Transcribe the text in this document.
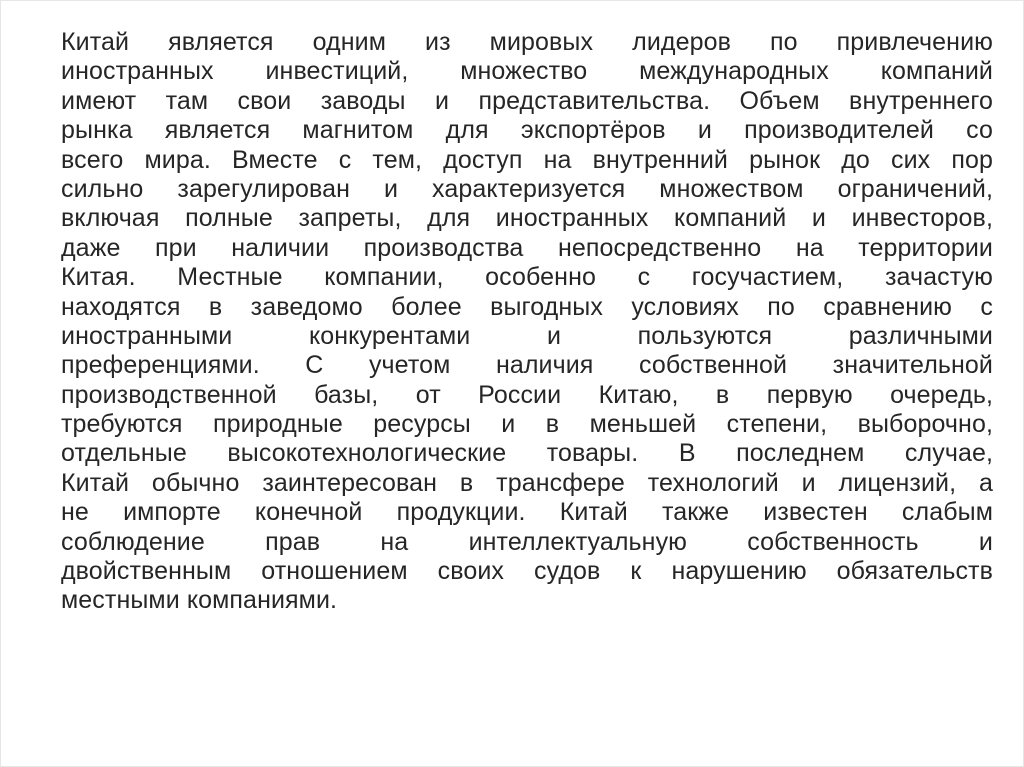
Китай является одним из мировых лидеров по привлечению
иностранных инвестиций, множество международных компаний
имеют там свои заводы и представительства. Объем внутреннего
рынка является магнитом для экспортёров и производителей со
всего мира. Вместе с тем, доступ на внутренний рынок до сих пор
сильно зарегулирован и характеризуется множеством ограничений,
включая полные запреты, для иностранных компаний и инвесторов,
даже при наличии производства непосредственно на территории
Китая. Местные компании, особенно с госучастием, зачастую
находятся в заведомо более выгодных условиях по сравнению с
иностранными конкурентами и пользуются различными
преференциями. С учетом наличия собственной значительной
производственной базы, от России Китаю, в первую очередь,
требуются природные ресурсы и в меньшей степени, выборочно,
отдельные высокотехнологические товары. В последнем случае,
Китай обычно заинтересован в трансфере технологий и лицензий, а
не импорте конечной продукции. Китай также известен слабым
соблюдение прав на интеллектуальную собственность и
двойственным отношением своих судов к нарушению обязательств
местными компаниями.
